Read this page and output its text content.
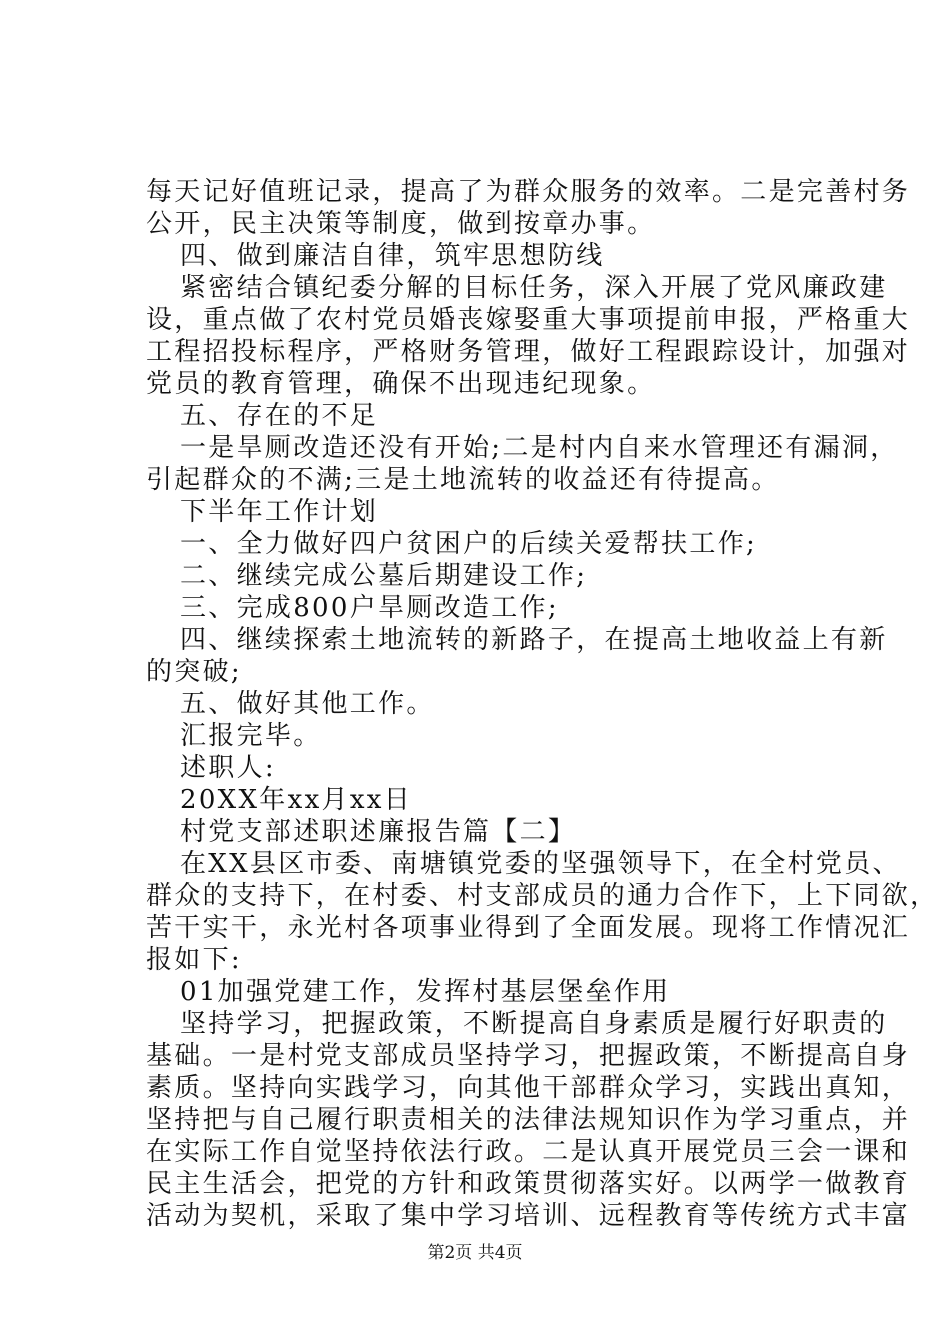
每天记好值班记录，提高了为群众服务的效率。二是完善村务
公开，民主决策等制度，做到按章办事。
四、做到廉洁自律，筑牢思想防线
紧密结合镇纪委分解的目标任务，深入开展了党风廉政建
设，重点做了农村党员婚丧嫁娶重大事项提前申报，严格重大
工程招投标程序，严格财务管理，做好工程跟踪设计，加强对
党员的教育管理，确保不出现违纪现象。
五、存在的不足
一是旱厕改造还没有开始;二是村内自来水管理还有漏洞，
引起群众的不满;三是土地流转的收益还有待提高。
下半年工作计划
一、全力做好四户贫困户的后续关爱帮扶工作;
二、继续完成公墓后期建设工作;
三、完成800户旱厕改造工作;
四、继续探索土地流转的新路子，在提高土地收益上有新
的突破;
五、做好其他工作。
汇报完毕。
述职人:
20XX年xx月xx日
村党支部述职述廉报告篇【二】
在XX县区市委、南塘镇党委的坚强领导下，在全村党员、
群众的支持下，在村委、村支部成员的通力合作下，上下同欲，
苦干实干，永光村各项事业得到了全面发展。现将工作情况汇
报如下:
01加强党建工作，发挥村基层堡垒作用
坚持学习，把握政策，不断提高自身素质是履行好职责的
基础。一是村党支部成员坚持学习，把握政策，不断提高自身
素质。坚持向实践学习，向其他干部群众学习，实践出真知，
坚持把与自己履行职责相关的法律法规知识作为学习重点，并
在实际工作自觉坚持依法行政。二是认真开展党员三会一课和
民主生活会，把党的方针和政策贯彻落实好。以两学一做教育
活动为契机，采取了集中学习培训、远程教育等传统方式丰富
第2页 共4页
